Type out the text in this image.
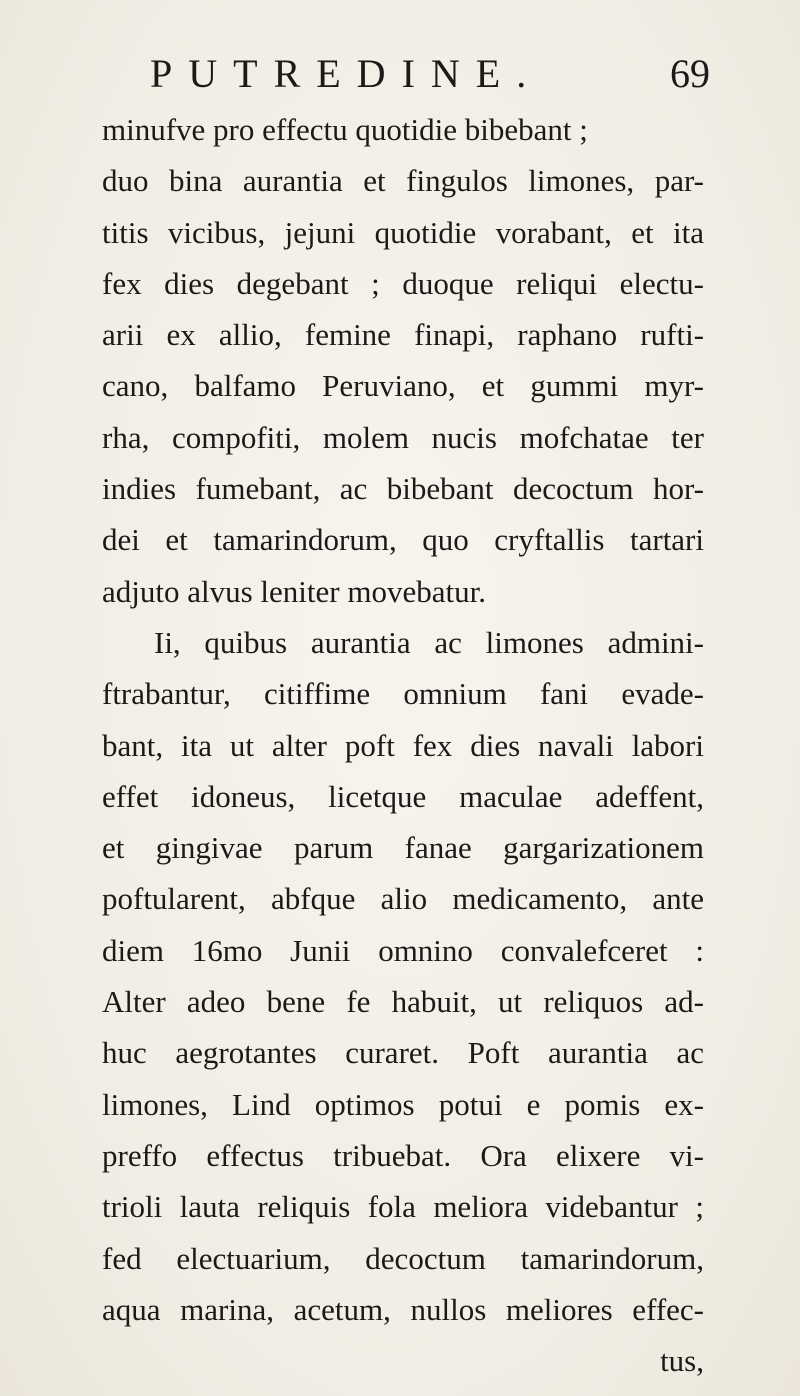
PUTREDINE.	69
minufve pro effectu quotidie bibebant ;
duo bina aurantia et fingulos limones, par-
titis vicibus, jejuni quotidie vorabant, et ita
fex dies degebant ; duoque reliqui electu-
arii ex allio, femine finapi, raphano rufti-
cano, balfamo Peruviano, et gummi myr-
rha, compofiti, molem nucis mofchatae ter
indies fumebant, ac bibebant decoctum hor-
dei et tamarindorum, quo cryftallis tartari
adjuto alvus leniter movebatur.
Ii, quibus aurantia ac limones admini-
ftrabantur, citiffime omnium fani evade-
bant, ita ut alter poft fex dies navali labori
effet idoneus, licetque maculae adeffent,
et gingivae parum fanae gargarizationem
poftularent, abfque alio medicamento, ante
diem 16mo Junii omnino convalefceret :
Alter adeo bene fe habuit, ut reliquos ad-
huc aegrotantes curaret. Poft aurantia ac
limones, Lind optimos potui e pomis ex-
preffo effectus tribuebat. Ora elixere vi-
trioli lauta reliquis fola meliora videbantur ;
fed electuarium, decoctum tamarindorum,
aqua marina, acetum, nullos meliores effec-
tus,
